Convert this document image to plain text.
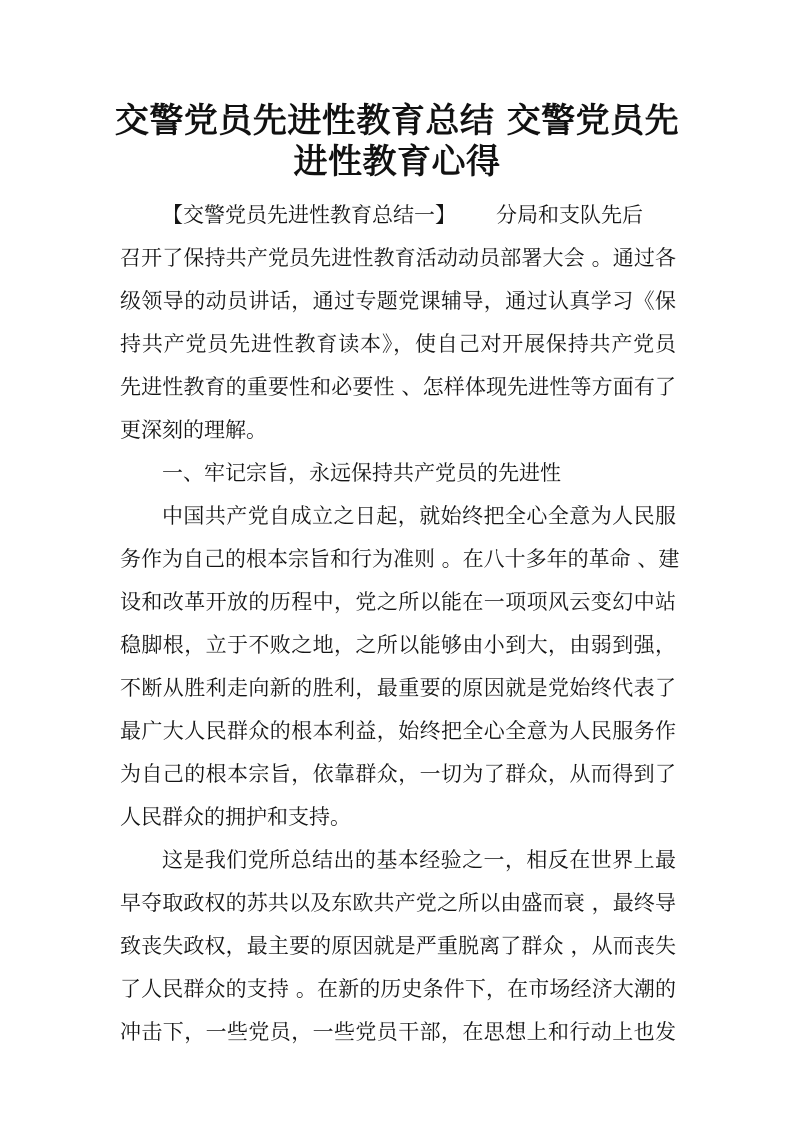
交警党员先进性教育总结 交警党员先
进性教育心得
【交警党员先进性教育总结一】 分局和支队先后
召开了保持共产党员先进性教育活动动员部署大会 。通过各
级领导的动员讲话，通过专题党课辅导，通过认真学习《保
持共产党员先进性教育读本》，使自己对开展保持共产党员
先进性教育的重要性和必要性 、怎样体现先进性等方面有了
更深刻的理解。
一、牢记宗旨，永远保持共产党员的先进性
中国共产党自成立之日起，就始终把全心全意为人民服
务作为自己的根本宗旨和行为准则 。在八十多年的革命 、建
设和改革开放的历程中，党之所以能在一项项风云变幻中站
稳脚根，立于不败之地，之所以能够由小到大，由弱到强，
不断从胜利走向新的胜利，最重要的原因就是党始终代表了
最广大人民群众的根本利益，始终把全心全意为人民服务作
为自己的根本宗旨，依靠群众，一切为了群众，从而得到了
人民群众的拥护和支持。
这是我们党所总结出的基本经验之一，相反在世界上最
早夺取政权的苏共以及东欧共产党之所以由盛而衰 ，最终导
致丧失政权，最主要的原因就是严重脱离了群众 ，从而丧失
了人民群众的支持 。在新的历史条件下，在市场经济大潮的
冲击下，一些党员，一些党员干部，在思想上和行动上也发
